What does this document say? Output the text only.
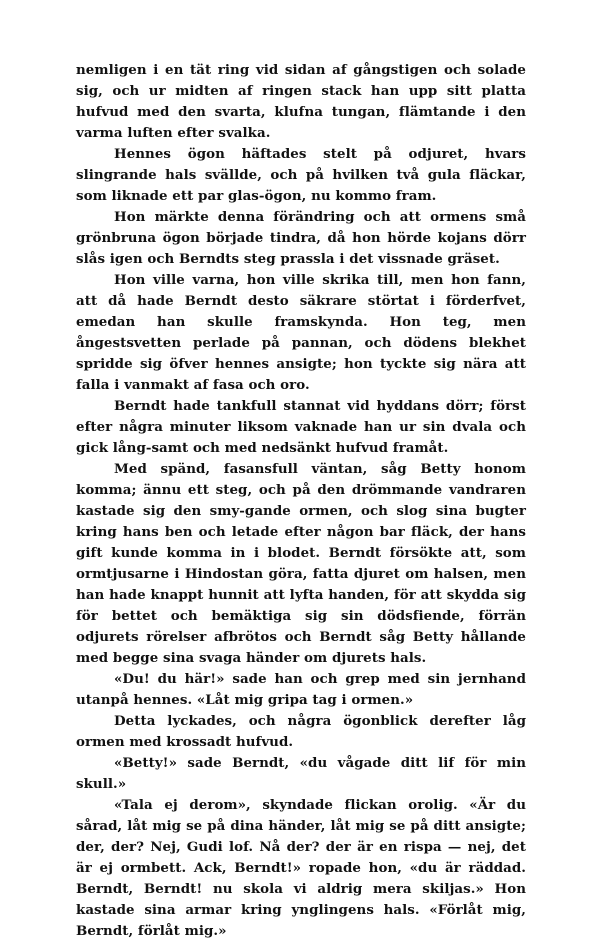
nemligen i en tät ring vid sidan af gångstigen och solade sig, och ur midten af ringen stack han upp sitt platta hufvud med den svarta, klufna tungan, flämtande i den varma luften efter svalka.

Hennes ögon häftades stelt på odjuret, hvars slingrande hals svällde, och på hvilken två gula fläckar, som liknade ett par glas-ögon, nu kommo fram.

Hon märkte denna förändring och att ormens små grönbruna ögon började tindra, då hon hörde kojans dörr slås igen och Berndts steg prassla i det vissnade gräset.

Hon ville varna, hon ville skrika till, men hon fann, att då hade Berndt desto säkrare störtat i förderfvet, emedan han skulle framskynda. Hon teg, men ångestsvetten perlade på pannan, och dödens blekhet spridde sig öfver hennes ansigte; hon tyckte sig nära att falla i vanmakt af fasa och oro.

Berndt hade tankfull stannat vid hyddans dörr; först efter några minuter liksom vaknade han ur sin dvala och gick lång-samt och med nedsänkt hufvud framåt.

Med spänd, fasansfull väntan, såg Betty honom komma; ännu ett steg, och på den drömmande vandraren kastade sig den smy-gande ormen, och slog sina bugter kring hans ben och letade efter någon bar fläck, der hans gift kunde komma in i blodet. Berndt försökte att, som ormtjusarne i Hindostan göra, fatta djuret om halsen, men han hade knappt hunnit att lyfta handen, för att skydda sig för bettet och bemäktiga sig sin dödsfiende, förrän odjurets rörelser afbrötos och Berndt såg Betty hållande med begge sina svaga händer om djurets hals.

«Du! du här!» sade han och grep med sin jernhand utanpå hennes. «Låt mig gripa tag i ormen.»

Detta lyckades, och några ögonblick derefter låg ormen med krossadt hufvud.

«Betty!» sade Berndt, «du vågade ditt lif för min skull.»

«Tala ej derom», skyndade flickan orolig. «Är du sårad, låt mig se på dina händer, låt mig se på ditt ansigte; der, der? Nej, Gudi lof. Nå der? der är en rispa — nej, det är ej ormbett. Ack, Berndt!» ropade hon, «du är räddad. Berndt, Berndt! nu skola vi aldrig mera skiljas.» Hon kastade sina armar kring ynglingens hals. «Förlåt mig, Berndt, förlåt mig.»
